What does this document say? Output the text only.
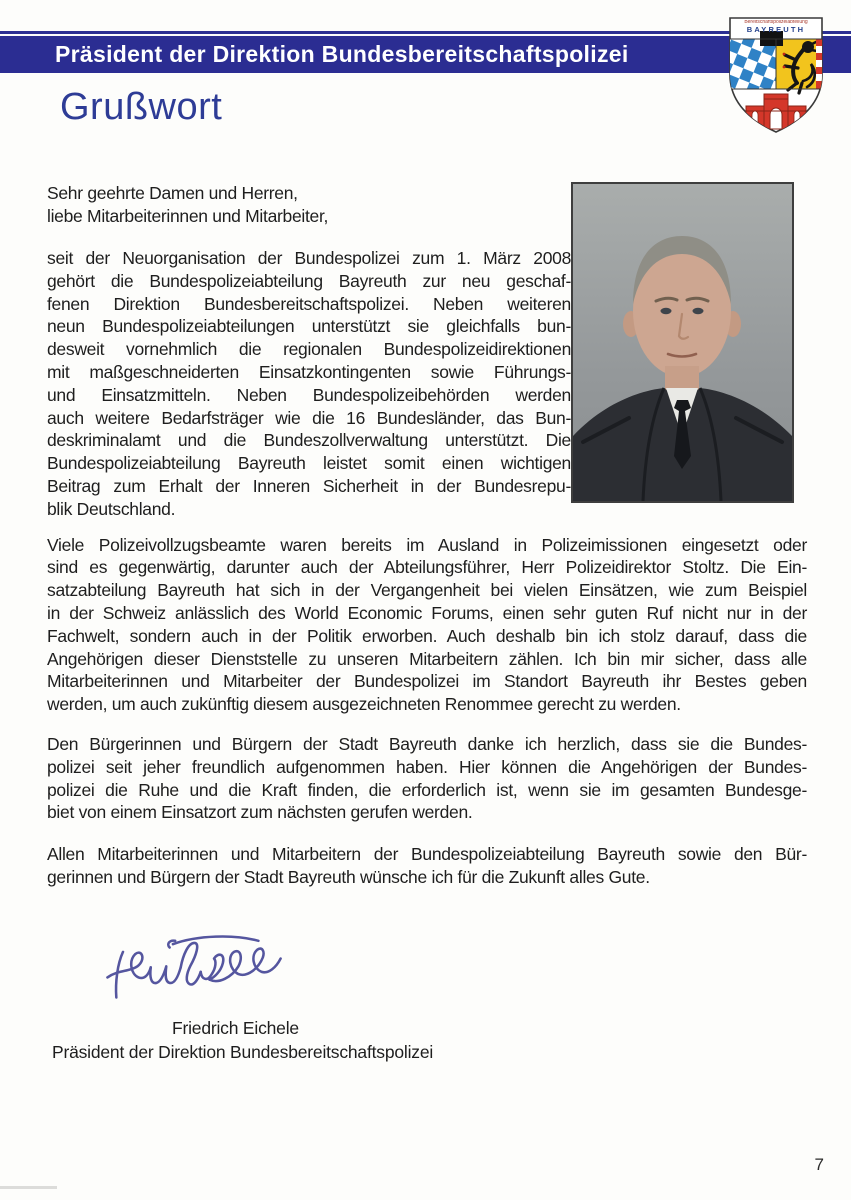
Präsident der Direktion Bundesbereitschaftspolizei
Bereitschaftspolizeiabteilung
BAYREUTH
Grußwort
Sehr geehrte Damen und Herren,
liebe Mitarbeiterinnen und Mitarbeiter,
seit der Neuorganisation der Bundespolizei zum 1. März 2008
gehört die Bundespolizeiabteilung Bayreuth zur neu geschaf-
fenen Direktion Bundesbereitschaftspolizei. Neben weiteren
neun Bundespolizeiabteilungen unterstützt sie gleichfalls bun-
desweit vornehmlich die regionalen Bundespolizeidirektionen
mit maßgeschneiderten Einsatzkontingenten sowie Führungs-
und Einsatzmitteln. Neben Bundespolizeibehörden werden
auch weitere Bedarfsträger wie die 16 Bundesländer, das Bun-
deskriminalamt und die Bundeszollverwaltung unterstützt. Die
Bundespolizeiabteilung Bayreuth leistet somit einen wichtigen
Beitrag zum Erhalt der Inneren Sicherheit in der Bundesrepu-
blik Deutschland.
Viele Polizeivollzugsbeamte waren bereits im Ausland in Polizeimissionen eingesetzt oder
sind es gegenwärtig, darunter auch der Abteilungsführer, Herr Polizeidirektor Stoltz. Die Ein-
satzabteilung Bayreuth hat sich in der Vergangenheit bei vielen Einsätzen, wie zum Beispiel
in der Schweiz anlässlich des World Economic Forums, einen sehr guten Ruf nicht nur in der
Fachwelt, sondern auch in der Politik erworben. Auch deshalb bin ich stolz darauf, dass die
Angehörigen dieser Dienststelle zu unseren Mitarbeitern zählen. Ich bin mir sicher, dass alle
Mitarbeiterinnen und Mitarbeiter der Bundespolizei im Standort Bayreuth ihr Bestes geben
werden, um auch zukünftig diesem ausgezeichneten Renommee gerecht zu werden.
Den Bürgerinnen und Bürgern der Stadt Bayreuth danke ich herzlich, dass sie die Bundes-
polizei seit jeher freundlich aufgenommen haben. Hier können die Angehörigen der Bundes-
polizei die Ruhe und die Kraft finden, die erforderlich ist, wenn sie im gesamten Bundesge-
biet von einem Einsatzort zum nächsten gerufen werden.
Allen Mitarbeiterinnen und Mitarbeitern der Bundespolizeiabteilung Bayreuth sowie den Bür-
gerinnen und Bürgern der Stadt Bayreuth wünsche ich für die Zukunft alles Gute.
Friedrich Eichele
Präsident der Direktion Bundesbereitschaftspolizei
7
